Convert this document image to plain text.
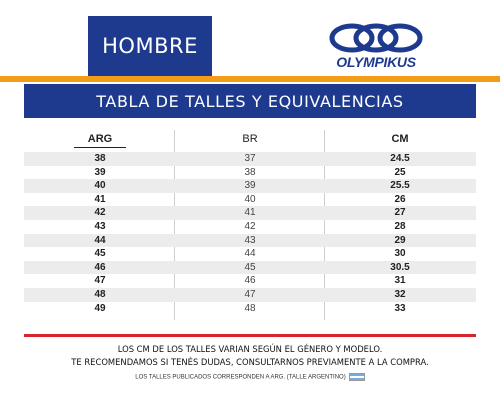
HOMBRE
OLYMPIKUS
TABLA DE TALLES Y EQUIVALENCIAS
ARG	BR	CM
38	37	24.5
39	38	25
40	39	25.5
41	40	26
42	41	27
43	42	28
44	43	29
45	44	30
46	45	30.5
47	46	31
48	47	32
49	48	33
LOS CM DE LOS TALLES VARIAN SEGÚN EL GÉNERO Y MODELO.
TE RECOMENDAMOS SI TENÉS DUDAS, CONSULTARNOS PREVIAMENTE A LA COMPRA.
LOS TALLES PUBLICADOS CORRESPONDEN A ARG. (TALLE ARGENTINO)
